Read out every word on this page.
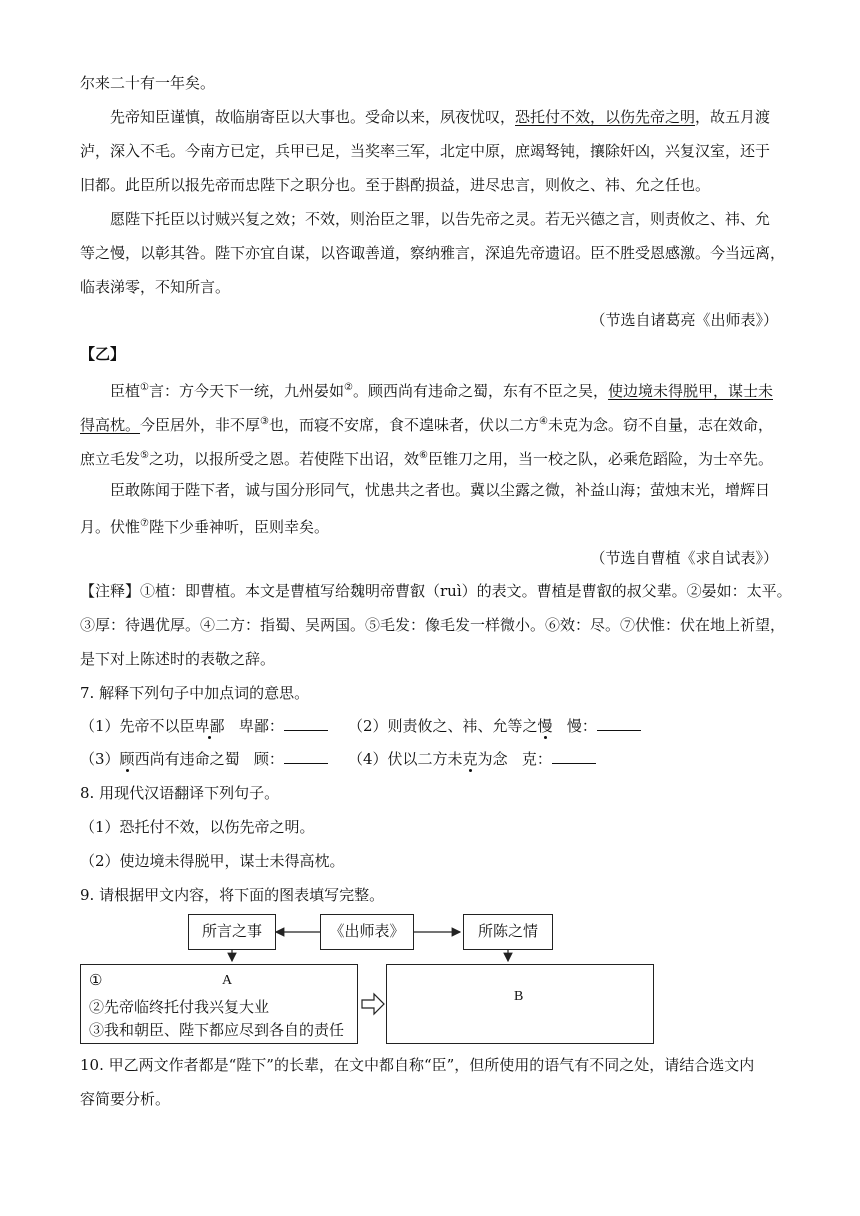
尔来二十有一年矣。
先帝知臣谨慎，故临崩寄臣以大事也。受命以来，夙夜忧叹，恐托付不效，以伤先帝之明，故五月渡
泸，深入不毛。今南方已定，兵甲已足，当奖率三军，北定中原，庶竭驽钝，攘除奸凶，兴复汉室，还于
旧都。此臣所以报先帝而忠陛下之职分也。至于斟酌损益，进尽忠言，则攸之、祎、允之任也。
愿陛下托臣以讨贼兴复之效；不效，则治臣之罪，以告先帝之灵。若无兴德之言，则责攸之、祎、允
等之慢，以彰其咎。陛下亦宜自谋，以咨诹善道，察纳雅言，深追先帝遗诏。臣不胜受恩感激。今当远离，
临表涕零，不知所言。
（节选自诸葛亮《出师表》）
【乙】
臣植①言：方今天下一统，九州晏如②。顾西尚有违命之蜀，东有不臣之吴，使边境未得脱甲，谋士未
得高枕。今臣居外，非不厚③也，而寝不安席，食不遑味者，伏以二方④未克为念。窃不自量，志在效命，
庶立毛发⑤之功，以报所受之恩。若使陛下出诏，效⑥臣锥刀之用，当一校之队，必乘危蹈险，为士卒先。
臣敢陈闻于陛下者，诚与国分形同气，忧患共之者也。冀以尘露之微，补益山海；萤烛末光，增辉日
月。伏惟⑦陛下少垂神听，臣则幸矣。
（节选自曹植《求自试表》）
【注释】①植：即曹植。本文是曹植写给魏明帝曹叡（ruì）的表文。曹植是曹叡的叔父辈。②晏如：太平。
③厚：待遇优厚。④二方：指蜀、吴两国。⑤毛发：像毛发一样微小。⑥效：尽。⑦伏惟：伏在地上祈望，
是下对上陈述时的表敬之辞。
7. 解释下列句子中加点词的意思。
（1）先帝不以臣卑鄙 卑鄙：	（2）则责攸之、祎、允等之慢 慢：
（3）顾西尚有违命之蜀 顾：	（4）伏以二方未克为念 克：
8. 用现代汉语翻译下列句子。
（1）恐托付不效，以伤先帝之明。
（2）使边境未得脱甲，谋士未得高枕。
9. 请根据甲文内容，将下面的图表填写完整。
所言之事	《出师表》	所陈之情
①	A
②先帝临终托付我兴复大业
③我和朝臣、陛下都应尽到各自的责任
B
10. 甲乙两文作者都是“陛下”的长辈，在文中都自称“臣”，但所使用的语气有不同之处，请结合选文内
容简要分析。
